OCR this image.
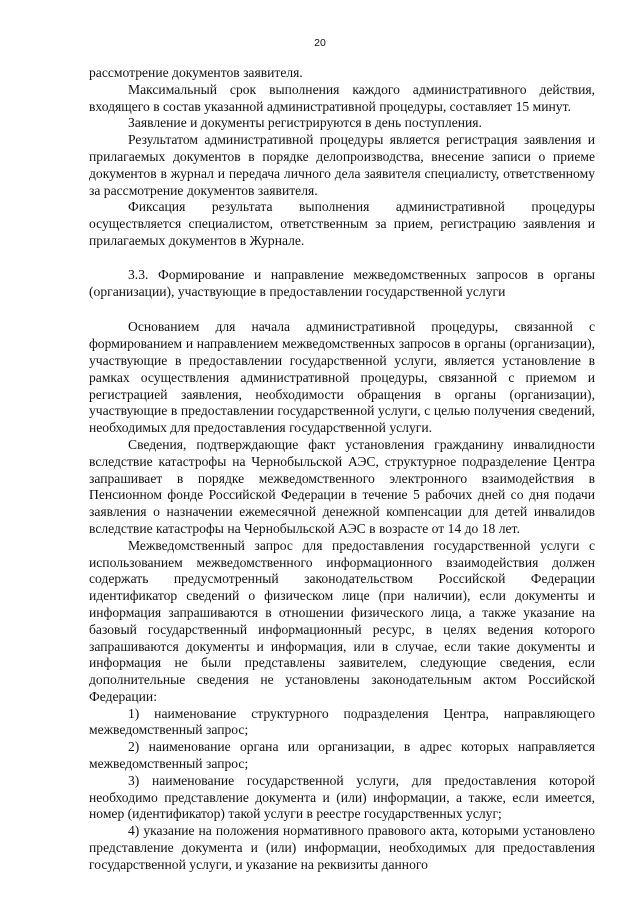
20

рассмотрение документов заявителя.

Максимальный срок выполнения каждого административного действия, входящего в состав указанной административной процедуры, составляет 15 минут.

Заявление и документы регистрируются в день поступления.

Результатом административной процедуры является регистрация заявления и прилагаемых документов в порядке делопроизводства, внесение записи о приеме документов в журнал и передача личного дела заявителя специалисту, ответственному за рассмотрение документов заявителя.

Фиксация результата выполнения административной процедуры осуществляется специалистом, ответственным за прием, регистрацию заявления и прилагаемых документов в Журнале.

3.3. Формирование и направление межведомственных запросов в органы (организации), участвующие в предоставлении государственной услуги

Основанием для начала административной процедуры, связанной с формированием и направлением межведомственных запросов в органы (организации), участвующие в предоставлении государственной услуги, является установление в рамках осуществления административной процедуры, связанной с приемом и регистрацией заявления, необходимости обращения в органы (организации), участвующие в предоставлении государственной услуги, с целью получения сведений, необходимых для предоставления государственной услуги.

Сведения, подтверждающие факт установления гражданину инвалидности вследствие катастрофы на Чернобыльской АЭС, структурное подразделение Центра запрашивает в порядке межведомственного электронного взаимодействия в Пенсионном фонде Российской Федерации в течение 5 рабочих дней со дня подачи заявления о назначении ежемесячной денежной компенсации для детей инвалидов вследствие катастрофы на Чернобыльской АЭС в возрасте от 14 до 18 лет.

Межведомственный запрос для предоставления государственной услуги с использованием межведомственного информационного взаимодействия должен содержать предусмотренный законодательством Российской Федерации идентификатор сведений о физическом лице (при наличии), если документы и информация запрашиваются в отношении физического лица, а также указание на базовый государственный информационный ресурс, в целях ведения которого запрашиваются документы и информация, или в случае, если такие документы и информация не были представлены заявителем, следующие сведения, если дополнительные сведения не установлены законодательным актом Российской Федерации:

1) наименование структурного подразделения Центра, направляющего межведомственный запрос;

2) наименование органа или организации, в адрес которых направляется межведомственный запрос;

3) наименование государственной услуги, для предоставления которой необходимо представление документа и (или) информации, а также, если имеется, номер (идентификатор) такой услуги в реестре государственных услуг;

4) указание на положения нормативного правового акта, которыми установлено представление документа и (или) информации, необходимых для предоставления государственной услуги, и указание на реквизиты данного
